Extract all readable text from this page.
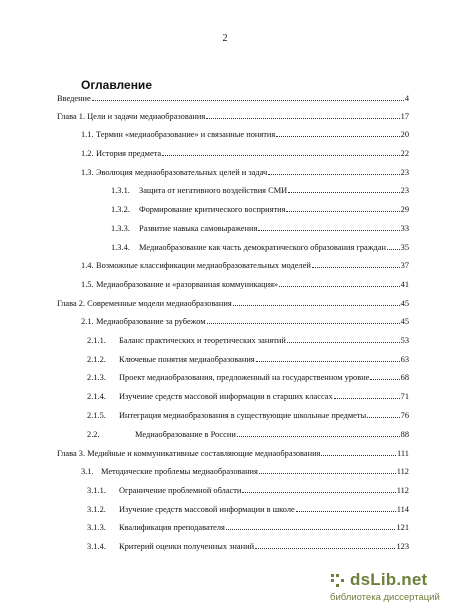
2
Оглавление
Введение	4
Глава 1. Цели и задачи медиаобразования	17
1.1. Термин «медиаобразование» и связанные понятия	20
1.2. История предмета	22
1.3. Эволюция медиаобразовательных целей и задач	23
1.3.1.	Защита от негативного воздействия СМИ	23
1.3.2.	Формирование критического восприятия	29
1.3.3.	Развитие навыка самовыражения	33
1.3.4.	Медиаобразование как часть демократического образования граждан 35
1.4. Возможные классификации медиаобразовательных моделей	37
1.5. Медиаобразование и «разорванная коммуникация»	41
Глава 2. Современные модели медиаобразования	45
2.1. Медиаобразование за рубежом	45
2.1.1.	Баланс практических и теоретических занятий	53
2.1.2.	Ключевые понятия медиаобразования	63
2.1.3.	Проект медиаобразования, предложенный на государственном уровне	68
2.1.4.	Изучение средств массовой информации в старших классах	71
2.1.5.	Интеграция медиаобразования в существующие школьные предметы	76
2.2.	Медиаобразование в России	88
Глава 3. Медийные и коммуникативные составляющие медиаобразования	111
3.1. Методические проблемы медиаобразования	112
3.1.1.	Ограничение проблемной области	112
3.1.2.	Изучение средств массовой информации в школе	114
3.1.3.	Квалификация преподавателя	121
3.1.4.	Критерий оценки полученных знаний	123
dsLib.net
библиотека диссертаций
